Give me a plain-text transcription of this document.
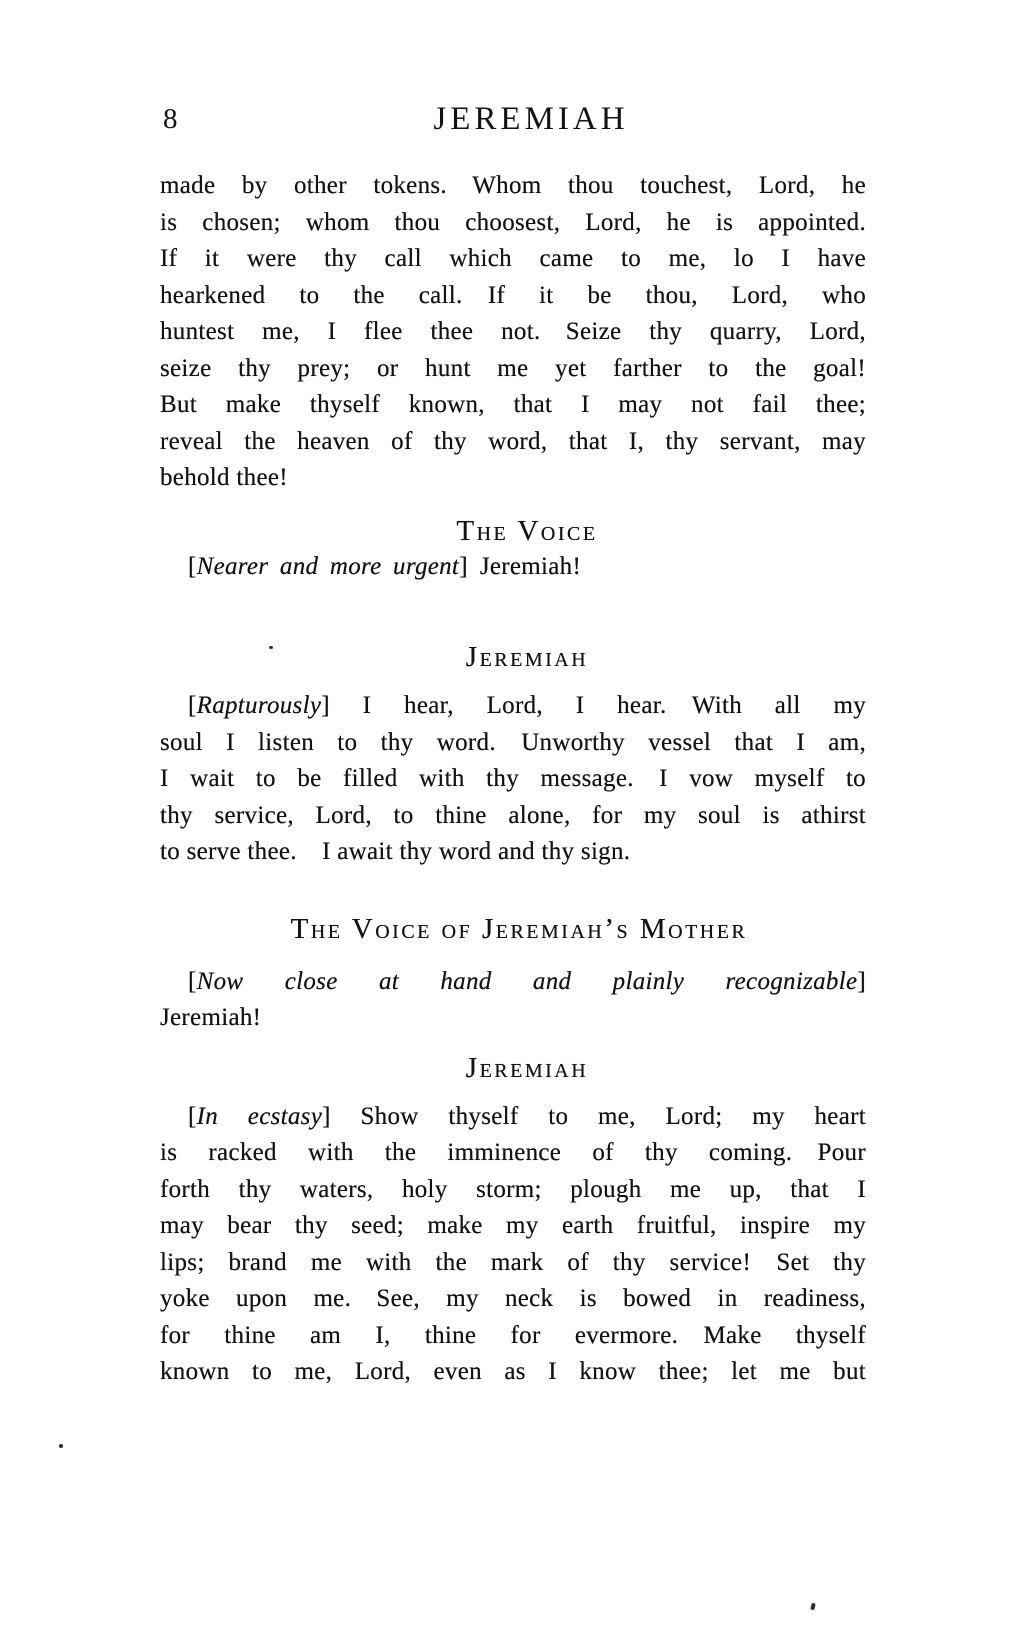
8	JEREMIAH
made by other tokens. Whom thou touchest, Lord, he
is chosen; whom thou choosest, Lord, he is appointed.
If it were thy call which came to me, lo I have
hearkened to the call. If it be thou, Lord, who
huntest me, I flee thee not. Seize thy quarry, Lord,
seize thy prey; or hunt me yet farther to the goal!
But make thyself known, that I may not fail thee;
reveal the heaven of thy word, that I, thy servant, may
behold thee!
The Voice
[Nearer and more urgent] Jeremiah!
Jeremiah
[Rapturously] I hear, Lord, I hear. With all my
soul I listen to thy word. Unworthy vessel that I am,
I wait to be filled with thy message. I vow myself to
thy service, Lord, to thine alone, for my soul is athirst
to serve thee. I await thy word and thy sign.
The Voice of Jeremiah’s Mother
[Now close at hand and plainly recognizable]
Jeremiah!
Jeremiah
[In ecstasy] Show thyself to me, Lord; my heart
is racked with the imminence of thy coming. Pour
forth thy waters, holy storm; plough me up, that I
may bear thy seed; make my earth fruitful, inspire my
lips; brand me with the mark of thy service! Set thy
yoke upon me. See, my neck is bowed in readiness,
for thine am I, thine for evermore. Make thyself
known to me, Lord, even as I know thee; let me but
